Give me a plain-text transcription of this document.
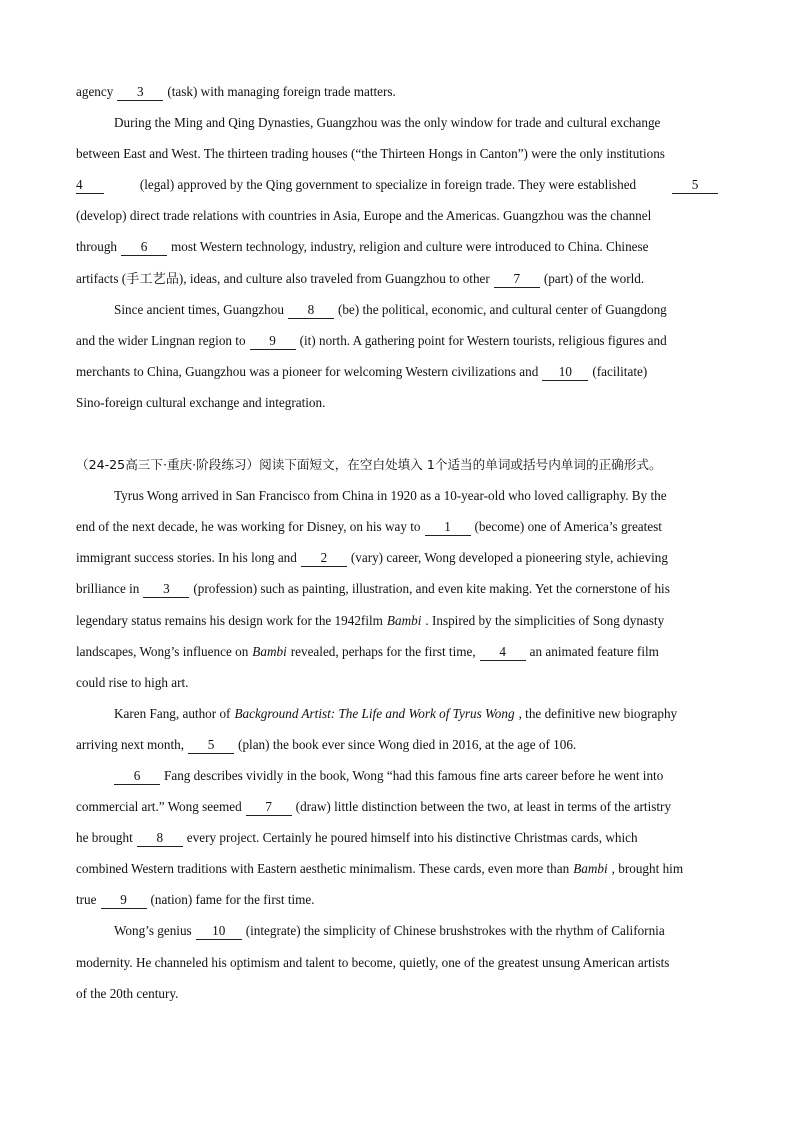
agency	3	(task) with managing foreign trade matters.
During the Ming and Qing Dynasties, Guangzhou was the only window for trade and cultural exchange
between East and West. The thirteen trading houses (“the Thirteen Hongs in Canton”) were the only institutions
4	(legal) approved by the Qing government to specialize in foreign trade. They were established	5
(develop) direct trade relations with countries in Asia, Europe and the Americas. Guangzhou was the channel
through	6	most Western technology, industry, religion and culture were introduced to China. Chinese
artifacts (手工艺品), ideas, and culture also traveled from Guangzhou to other	7	(part) of the world.
Since ancient times, Guangzhou	8	(be) the political, economic, and cultural center of Guangdong
and the wider Lingnan region to	9	(it) north. A gathering point for Western tourists, religious figures and
merchants to China, Guangzhou was a pioneer for welcoming Western civilizations and	10	(facilitate)
Sino-foreign cultural exchange and integration.
（24-25高三下·重庆·阶段练习）阅读下面短文，在空白处填入 1个适当的单词或括号内单词的正确形式。
Tyrus Wong arrived in San Francisco from China in 1920 as a 10-year-old who loved calligraphy. By the
end of the next decade, he was working for Disney, on his way to	1	(become) one of America’s greatest
immigrant success stories. In his long and	2	(vary) career, Wong developed a pioneering style, achieving
brilliance in	3	(profession) such as painting, illustration, and even kite making. Yet the cornerstone of his
legendary status remains his design work for the 1942film Bambi . Inspired by the simplicities of Song dynasty
landscapes, Wong’s influence on Bambi revealed, perhaps for the first time,	4	an animated feature film
could rise to high art.
Karen Fang, author of Background Artist: The Life and Work of Tyrus Wong , the definitive new biography
arriving next month,	5	(plan) the book ever since Wong died in 2016, at the age of 106.
6	Fang describes vividly in the book, Wong “had this famous fine arts career before he went into
commercial art.” Wong seemed	7	(draw) little distinction between the two, at least in terms of the artistry
he brought	8	every project. Certainly he poured himself into his distinctive Christmas cards, which
combined Western traditions with Eastern aesthetic minimalism. These cards, even more than Bambi , brought him
true	9	(nation) fame for the first time.
Wong’s genius	10	(integrate) the simplicity of Chinese brushstrokes with the rhythm of California
modernity. He channeled his optimism and talent to become, quietly, one of the greatest unsung American artists
of the 20th century.
